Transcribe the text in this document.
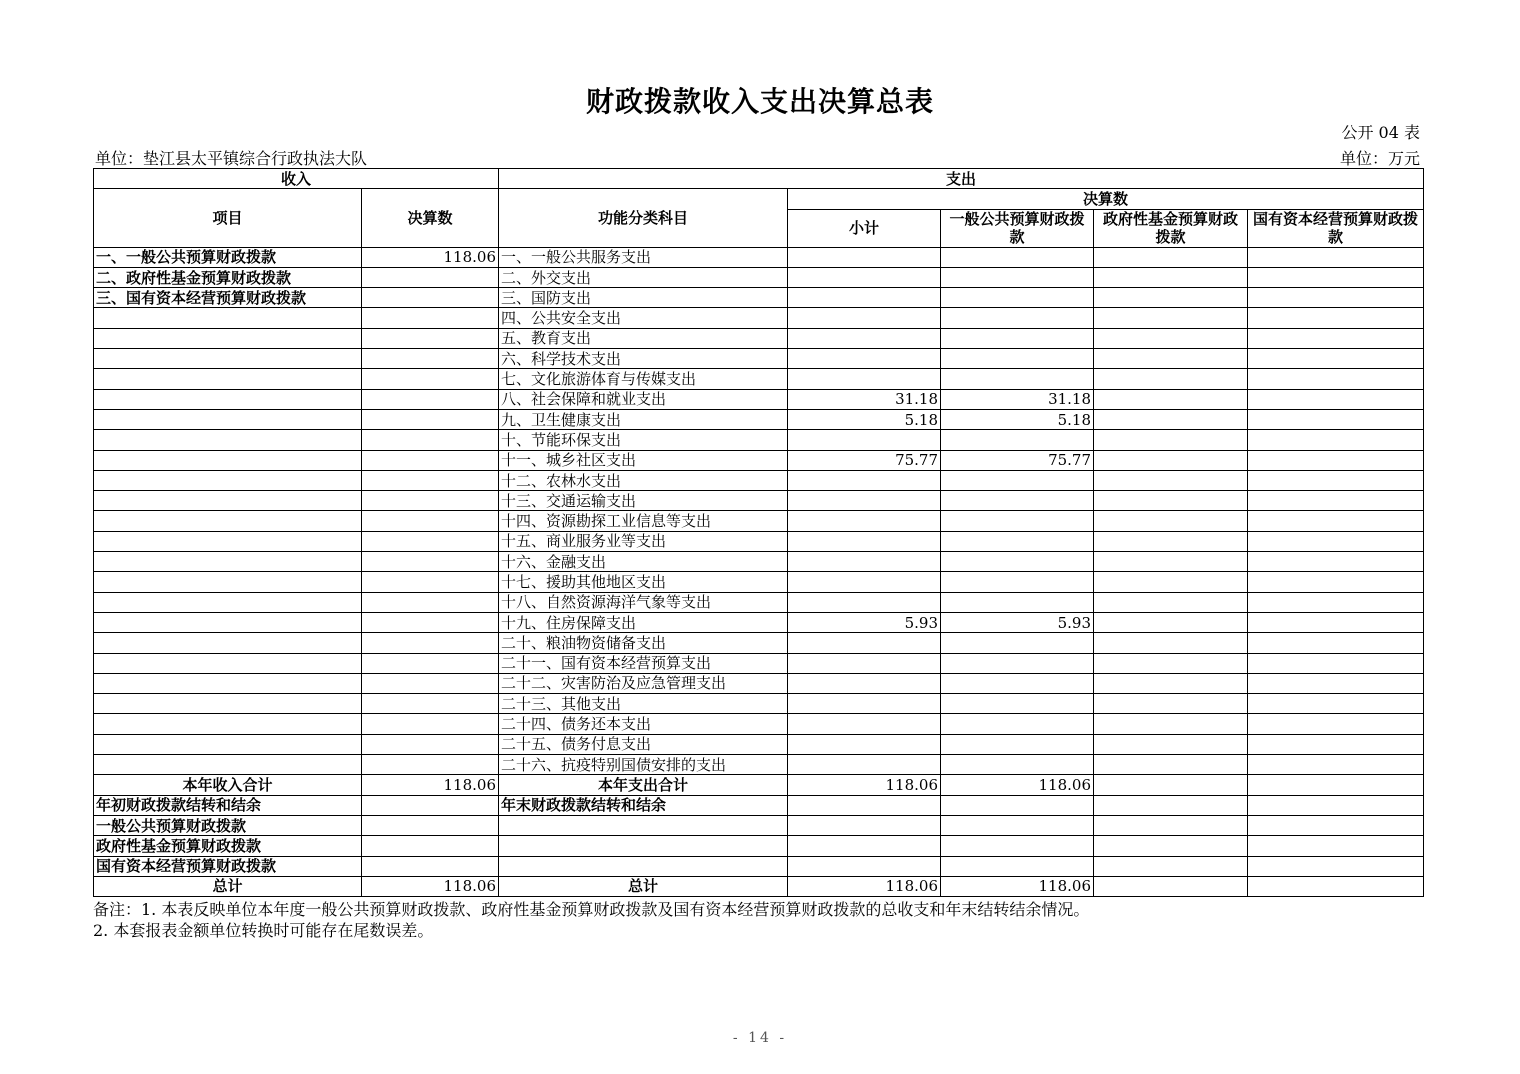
财政拨款收入支出决算总表
公开 04 表
单位：垫江县太平镇综合行政执法大队	单位：万元
收入		支出				
项目	决算数	功能分类科目	决算数			
			小计	一般公共预算财政拨款	政府性基金预算财政拨款	国有资本经营预算财政拨款
一、一般公共预算财政拨款	118.06	一、一般公共服务支出				
二、政府性基金预算财政拨款		二、外交支出				
三、国有资本经营预算财政拨款		三、国防支出				
		四、公共安全支出				
		五、教育支出				
		六、科学技术支出				
		七、文化旅游体育与传媒支出				
		八、社会保障和就业支出	31.18	31.18		
		九、卫生健康支出	5.18	5.18		
		十、节能环保支出				
		十一、城乡社区支出	75.77	75.77		
		十二、农林水支出				
		十三、交通运输支出				
		十四、资源勘探工业信息等支出				
		十五、商业服务业等支出				
		十六、金融支出				
		十七、援助其他地区支出				
		十八、自然资源海洋气象等支出				
		十九、住房保障支出	5.93	5.93		
		二十、粮油物资储备支出				
		二十一、国有资本经营预算支出				
		二十二、灾害防治及应急管理支出				
		二十三、其他支出				
		二十四、债务还本支出				
		二十五、债务付息支出				
		二十六、抗疫特别国债安排的支出				
本年收入合计	118.06	本年支出合计	118.06	118.06		
年初财政拨款结转和结余		年末财政拨款结转和结余				
一般公共预算财政拨款						
政府性基金预算财政拨款						
国有资本经营预算财政拨款						
总计	118.06	总计	118.06	118.06		
备注：1. 本表反映单位本年度一般公共预算财政拨款、政府性基金预算财政拨款及国有资本经营预算财政拨款的总收支和年末结转结余情况。
2. 本套报表金额单位转换时可能存在尾数误差。
- 14 -
